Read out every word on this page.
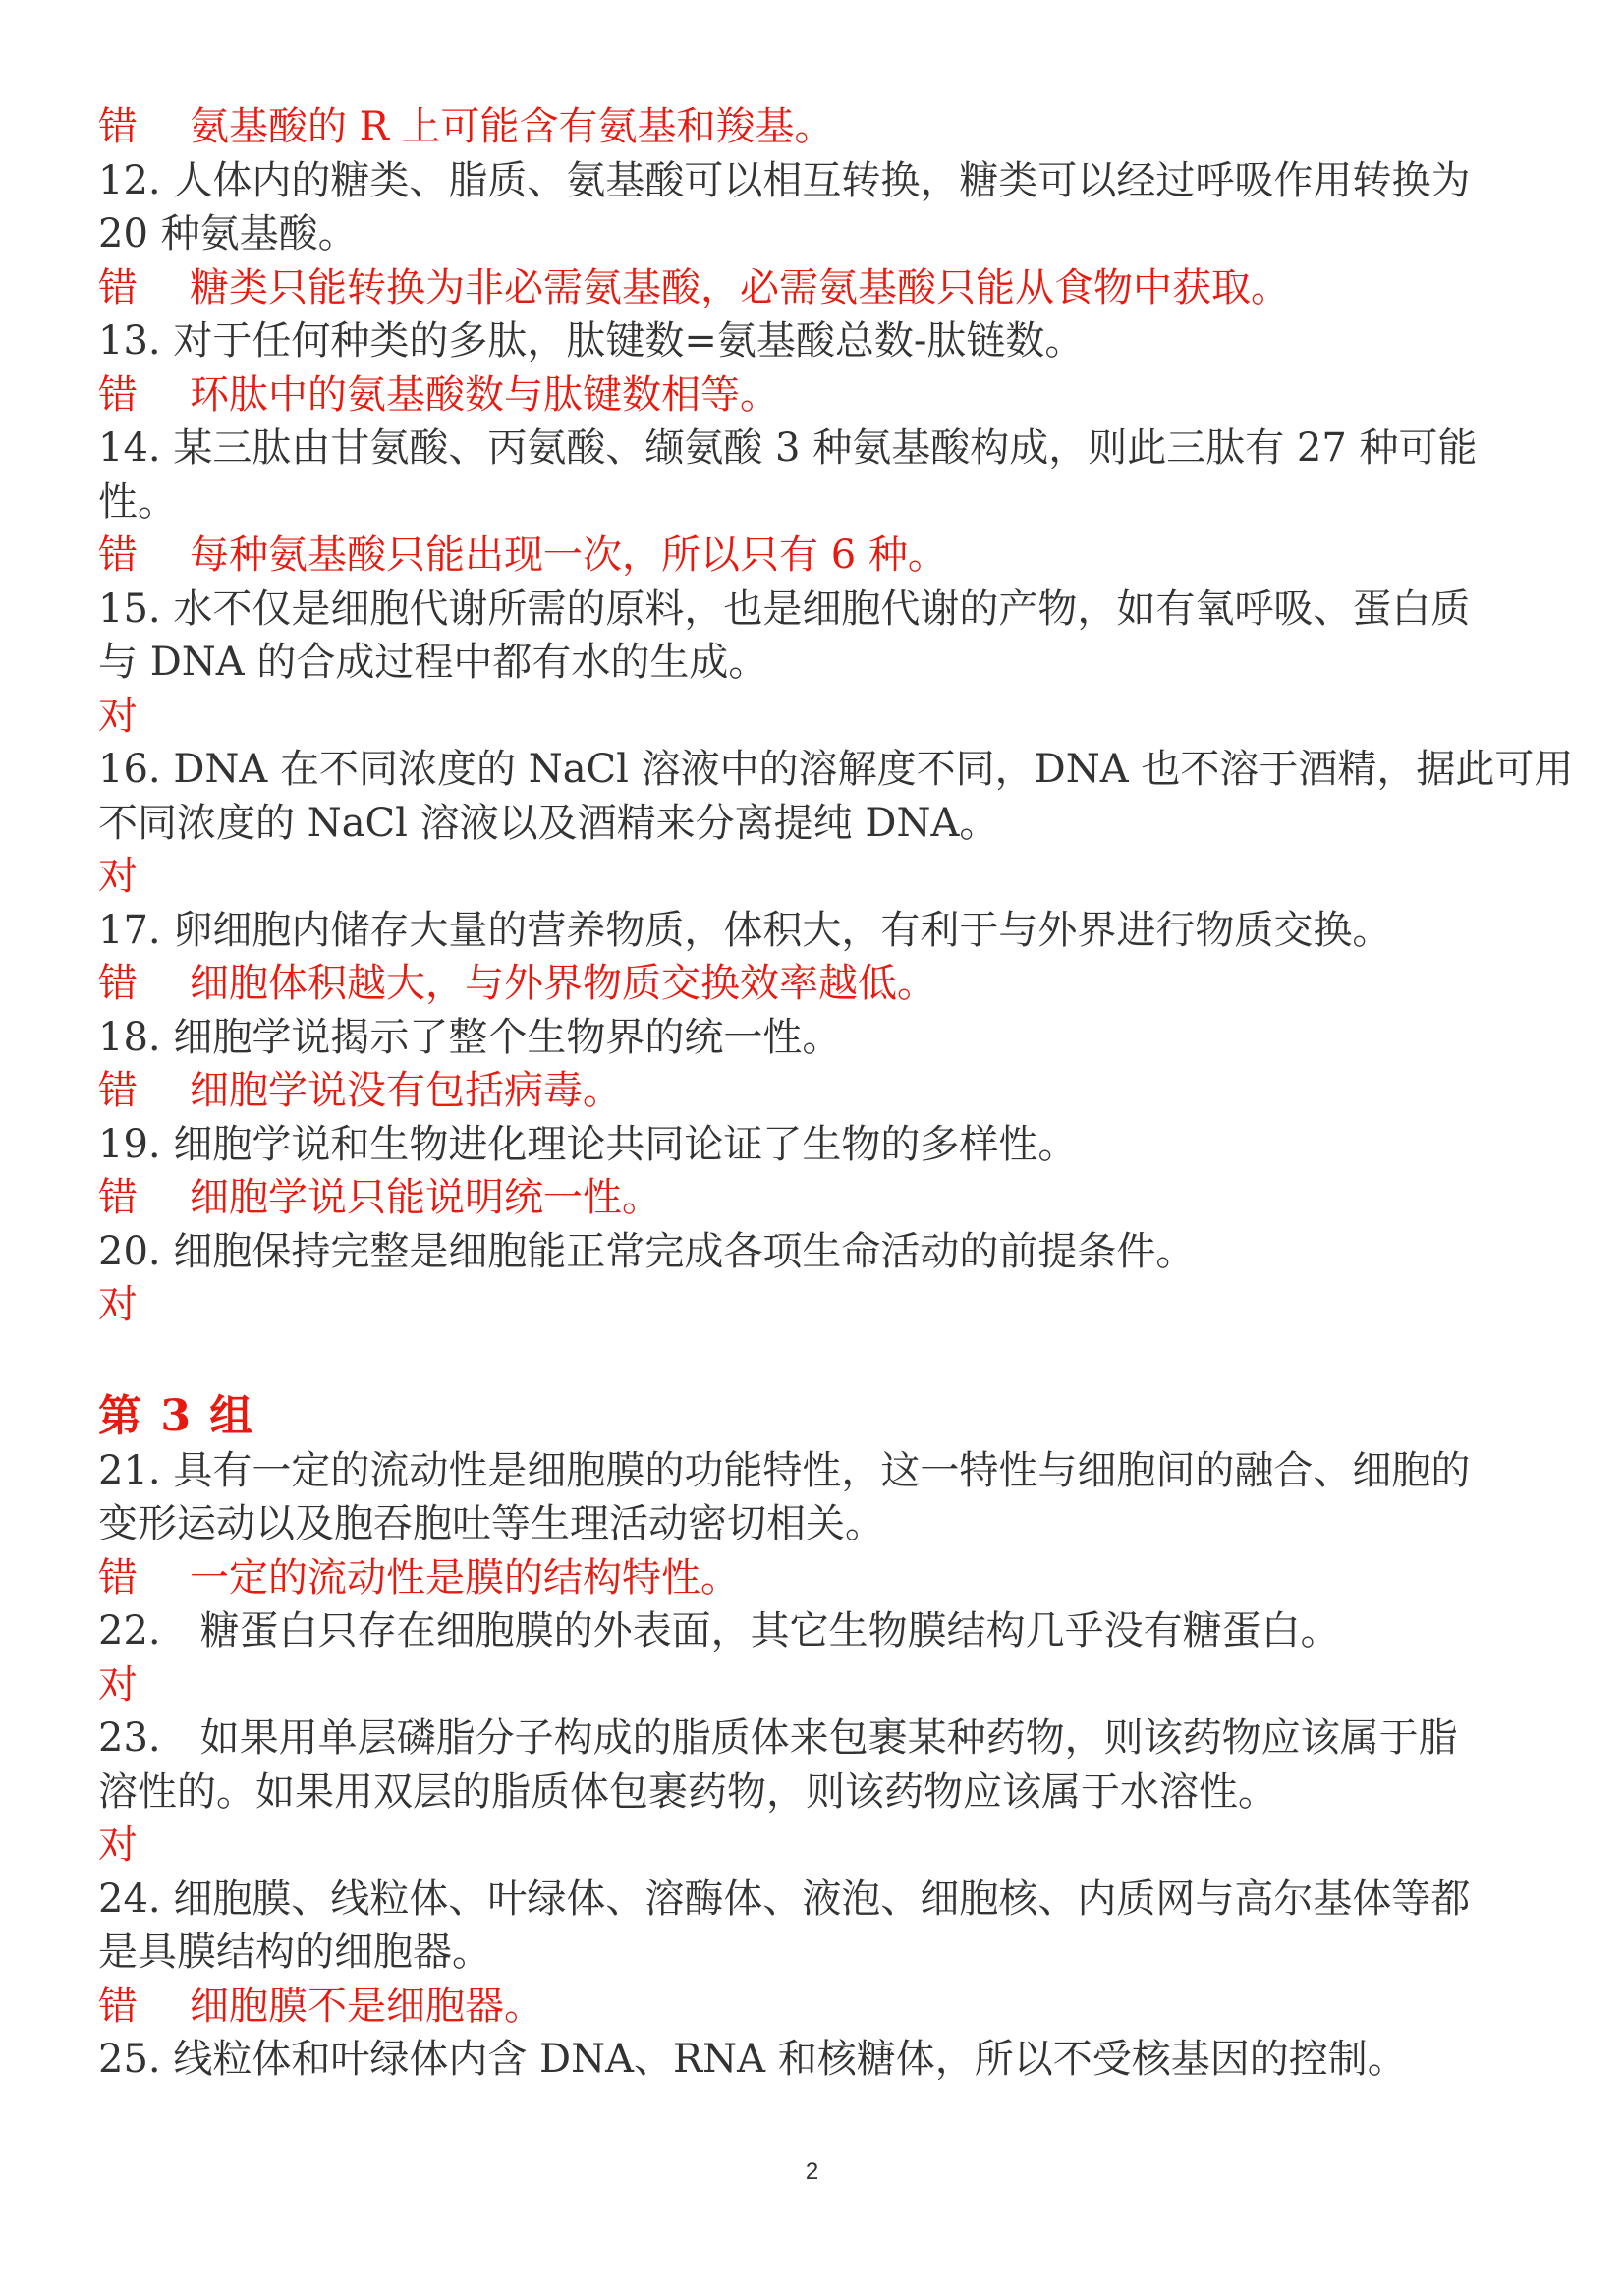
错 氨基酸的 R 上可能含有氨基和羧基。
12. 人体内的糖类、脂质、氨基酸可以相互转换，糖类可以经过呼吸作用转换为
20 种氨基酸。
错 糖类只能转换为非必需氨基酸，必需氨基酸只能从食物中获取。
13. 对于任何种类的多肽，肽键数=氨基酸总数-肽链数。
错 环肽中的氨基酸数与肽键数相等。
14. 某三肽由甘氨酸、丙氨酸、缬氨酸 3 种氨基酸构成，则此三肽有 27 种可能
性。
错 每种氨基酸只能出现一次，所以只有 6 种。
15. 水不仅是细胞代谢所需的原料，也是细胞代谢的产物，如有氧呼吸、蛋白质
与 DNA 的合成过程中都有水的生成。
对
16. DNA 在不同浓度的 NaCl 溶液中的溶解度不同，DNA 也不溶于酒精，据此可用
不同浓度的 NaCl 溶液以及酒精来分离提纯 DNA。
对
17. 卵细胞内储存大量的营养物质，体积大，有利于与外界进行物质交换。
错 细胞体积越大，与外界物质交换效率越低。
18. 细胞学说揭示了整个生物界的统一性。
错 细胞学说没有包括病毒。
19. 细胞学说和生物进化理论共同论证了生物的多样性。
错 细胞学说只能说明统一性。
20. 细胞保持完整是细胞能正常完成各项生命活动的前提条件。
对
第 3 组
21. 具有一定的流动性是细胞膜的功能特性，这一特性与细胞间的融合、细胞的
变形运动以及胞吞胞吐等生理活动密切相关。
错 一定的流动性是膜的结构特性。
22.　糖蛋白只存在细胞膜的外表面，其它生物膜结构几乎没有糖蛋白。
对
23.　如果用单层磷脂分子构成的脂质体来包裹某种药物，则该药物应该属于脂
溶性的。如果用双层的脂质体包裹药物，则该药物应该属于水溶性。
对
24. 细胞膜、线粒体、叶绿体、溶酶体、液泡、细胞核、内质网与高尔基体等都
是具膜结构的细胞器。
错 细胞膜不是细胞器。
25. 线粒体和叶绿体内含 DNA、RNA 和核糖体，所以不受核基因的控制。
2
